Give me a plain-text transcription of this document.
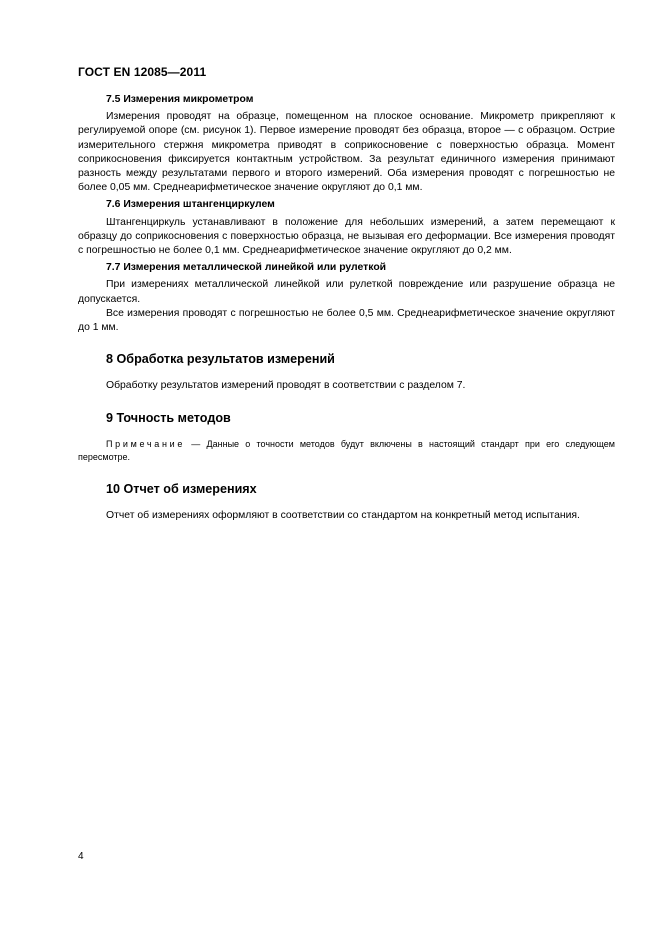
ГОСТ EN 12085—2011
7.5 Измерения микрометром

Измерения проводят на образце, помещенном на плоское основание. Микрометр прикрепляют к регулируемой опоре (см. рисунок 1). Первое измерение проводят без образца, второе — с образцом. Острие измерительного стержня микрометра приводят в соприкосновение с поверхностью образца. Момент соприкосновения фиксируется контактным устройством. За результат единичного измерения принимают разность между результатами первого и второго измерений. Оба измерения проводят с погрешностью не более 0,05 мм. Среднеарифметическое значение округляют до 0,1 мм.

7.6 Измерения штангенциркулем

Штангенциркуль устанавливают в положение для небольших измерений, а затем перемещают к образцу до соприкосновения с поверхностью образца, не вызывая его деформации. Все измерения проводят с погрешностью не более 0,1 мм. Среднеарифметическое значение округляют до 0,2 мм.

7.7 Измерения металлической линейкой или рулеткой

При измерениях металлической линейкой или рулеткой повреждение или разрушение образца не допускается.

Все измерения проводят с погрешностью не более 0,5 мм. Среднеарифметическое значение округляют до 1 мм.

8 Обработка результатов измерений

Обработку результатов измерений проводят в соответствии с разделом 7.

9 Точность методов

Примечание — Данные о точности методов будут включены в настоящий стандарт при его следующем пересмотре.

10 Отчет об измерениях

Отчет об измерениях оформляют в соответствии со стандартом на конкретный метод испытания.

4
